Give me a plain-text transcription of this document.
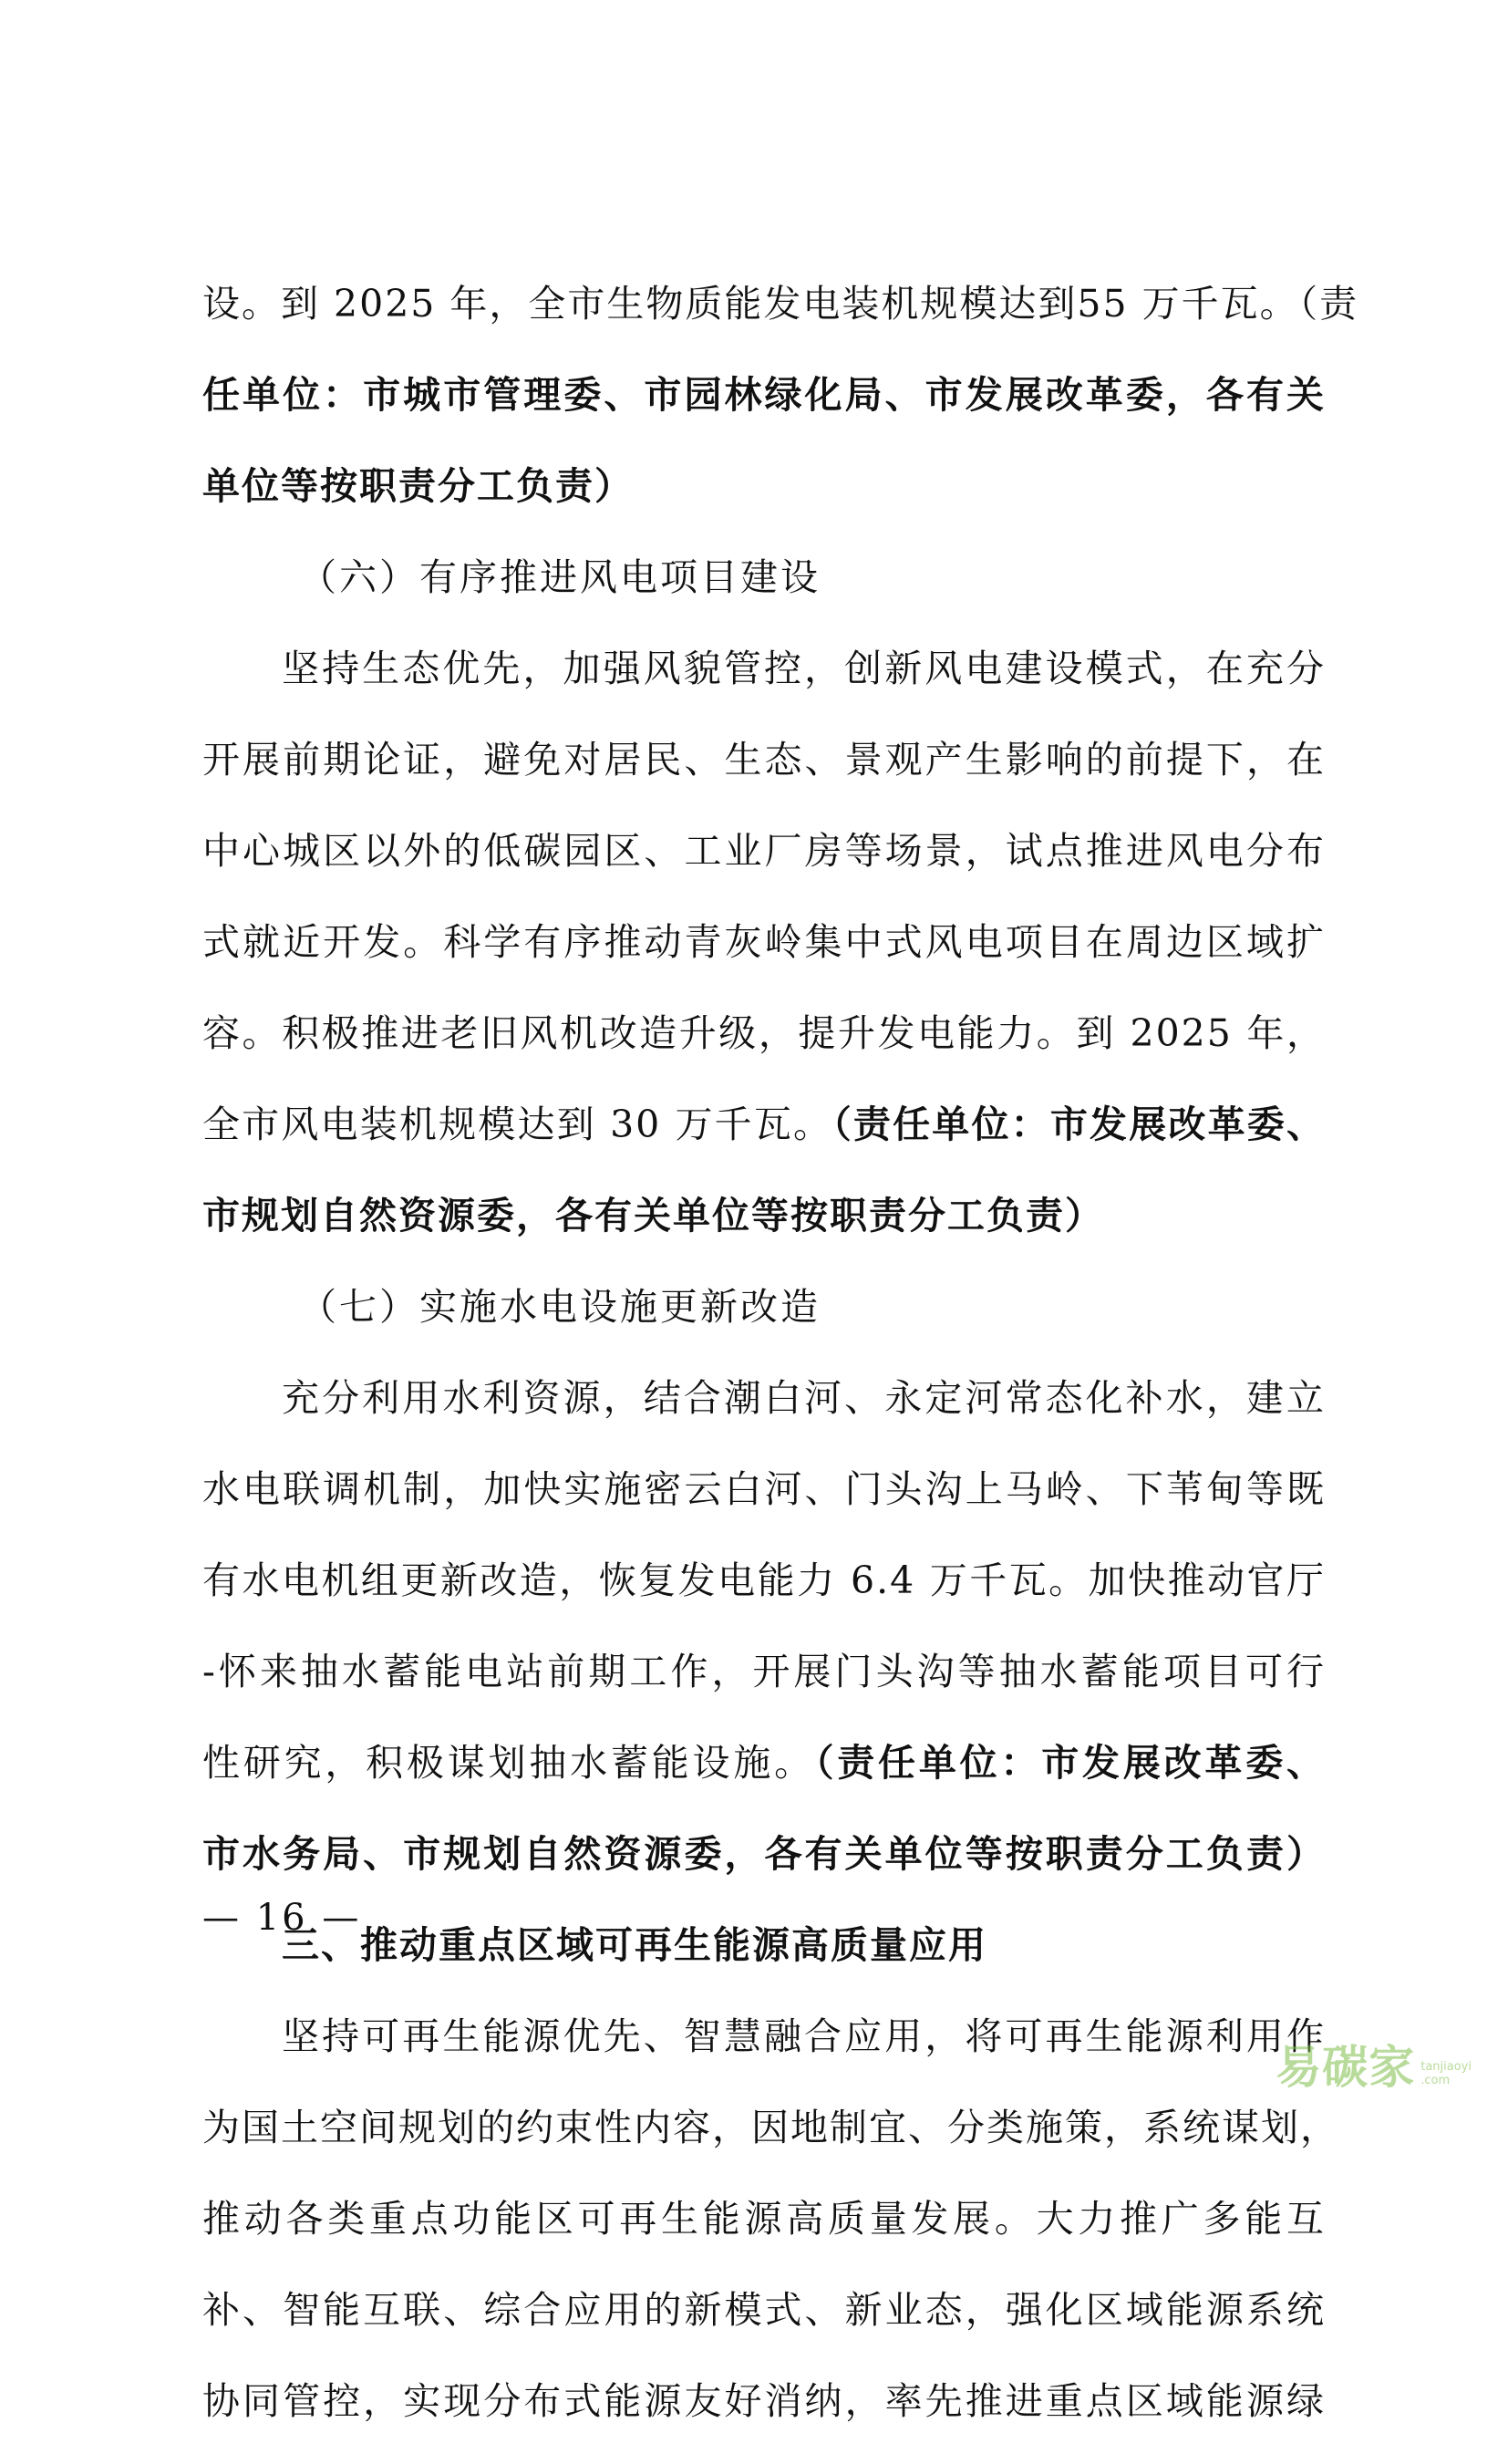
设。到 2025 年，全市生物质能发电装机规模达到55 万千瓦。（责
任单位：市城市管理委、市园林绿化局、市发展改革委，各有关
单位等按职责分工负责）
（六）有序推进风电项目建设
坚持生态优先，加强风貌管控，创新风电建设模式，在充分
开展前期论证，避免对居民、生态、景观产生影响的前提下，在
中心城区以外的低碳园区、工业厂房等场景，试点推进风电分布
式就近开发。科学有序推动青灰岭集中式风电项目在周边区域扩
容。积极推进老旧风机改造升级，提升发电能力。到 2025 年，
全市风电装机规模达到 30 万千瓦。（责任单位：市发展改革委、
市规划自然资源委，各有关单位等按职责分工负责）
（七）实施水电设施更新改造
充分利用水利资源，结合潮白河、永定河常态化补水，建立
水电联调机制，加快实施密云白河、门头沟上马岭、下苇甸等既
有水电机组更新改造，恢复发电能力 6.4 万千瓦。加快推动官厅
-怀来抽水蓄能电站前期工作，开展门头沟等抽水蓄能项目可行
性研究，积极谋划抽水蓄能设施。（责任单位：市发展改革委、
市水务局、市规划自然资源委，各有关单位等按职责分工负责）
三、推动重点区域可再生能源高质量应用
坚持可再生能源优先、智慧融合应用，将可再生能源利用作
为国土空间规划的约束性内容，因地制宜、分类施策，系统谋划，
推动各类重点功能区可再生能源高质量发展。大力推广多能互
补、智能互联、综合应用的新模式、新业态，强化区域能源系统
协同管控，实现分布式能源友好消纳，率先推进重点区域能源绿
— 16 —
易碳家 tanjiaoyi
.com
